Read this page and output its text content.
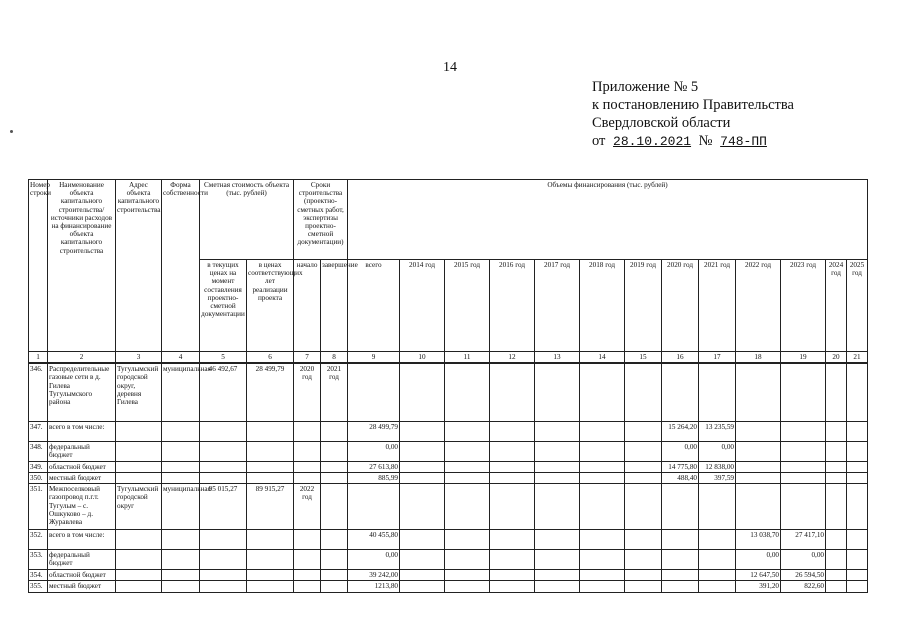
14
Приложение № 5
к постановлению Правительства
Свердловской области
от 28.10.2021 № 748-ПП
Номер строки	Наименование объекта капитального строительства/ источники расходов на финансирование объекта капитального строительства	Адрес объекта капитального строительства	Форма собственности	Сметная стоимость объекта (тыс. рублей)		Сроки строительства (проектно-сметных работ, экспертизы проектно-сметной документации)		Объемы финансирования (тыс. рублей)												
				в текущих ценах на момент составления проектно-сметной документации	в ценах соответствующих лет реализации проекта	начало	завершение	всего	2014 год	2015 год	2016 год	2017 год	2018 год	2019 год	2020 год	2021 год	2022 год	2023 год	2024 год	2025 год
1	2	3	4	5	6	7	8	9	10	11	12	13	14	15	16	17	18	19	20	21
346.	Распределительные газовые сети в д. Гилева Тугулымского района	Тугулымский городской округ, деревня Гилева	муниципальная	46 492,67	28 499,79	2020 год	2021 год													
347.	всего в том числе:							28 499,79							15 264,20	13 235,59				
348.	федеральный бюджет							0,00							0,00	0,00				
349.	областной бюджет							27 613,80							14 775,80	12 838,00				
350.	местный бюджет							885,99							488,40	397,59				
351.	Межпоселковый газопровод п.г.т. Тугулым – с. Ошкуково – д. Журавлева	Тугулымский городской округ	муниципальная	95 015,27	89 915,27	2022 год														
352.	всего в том числе:							40 455,80									13 038,70	27 417,10		
353.	федеральный бюджет							0,00									0,00	0,00		
354.	областной бюджет							39 242,00									12 647,50	26 594,50		
355.	местный бюджет							1213,80									391,20	822,60		
